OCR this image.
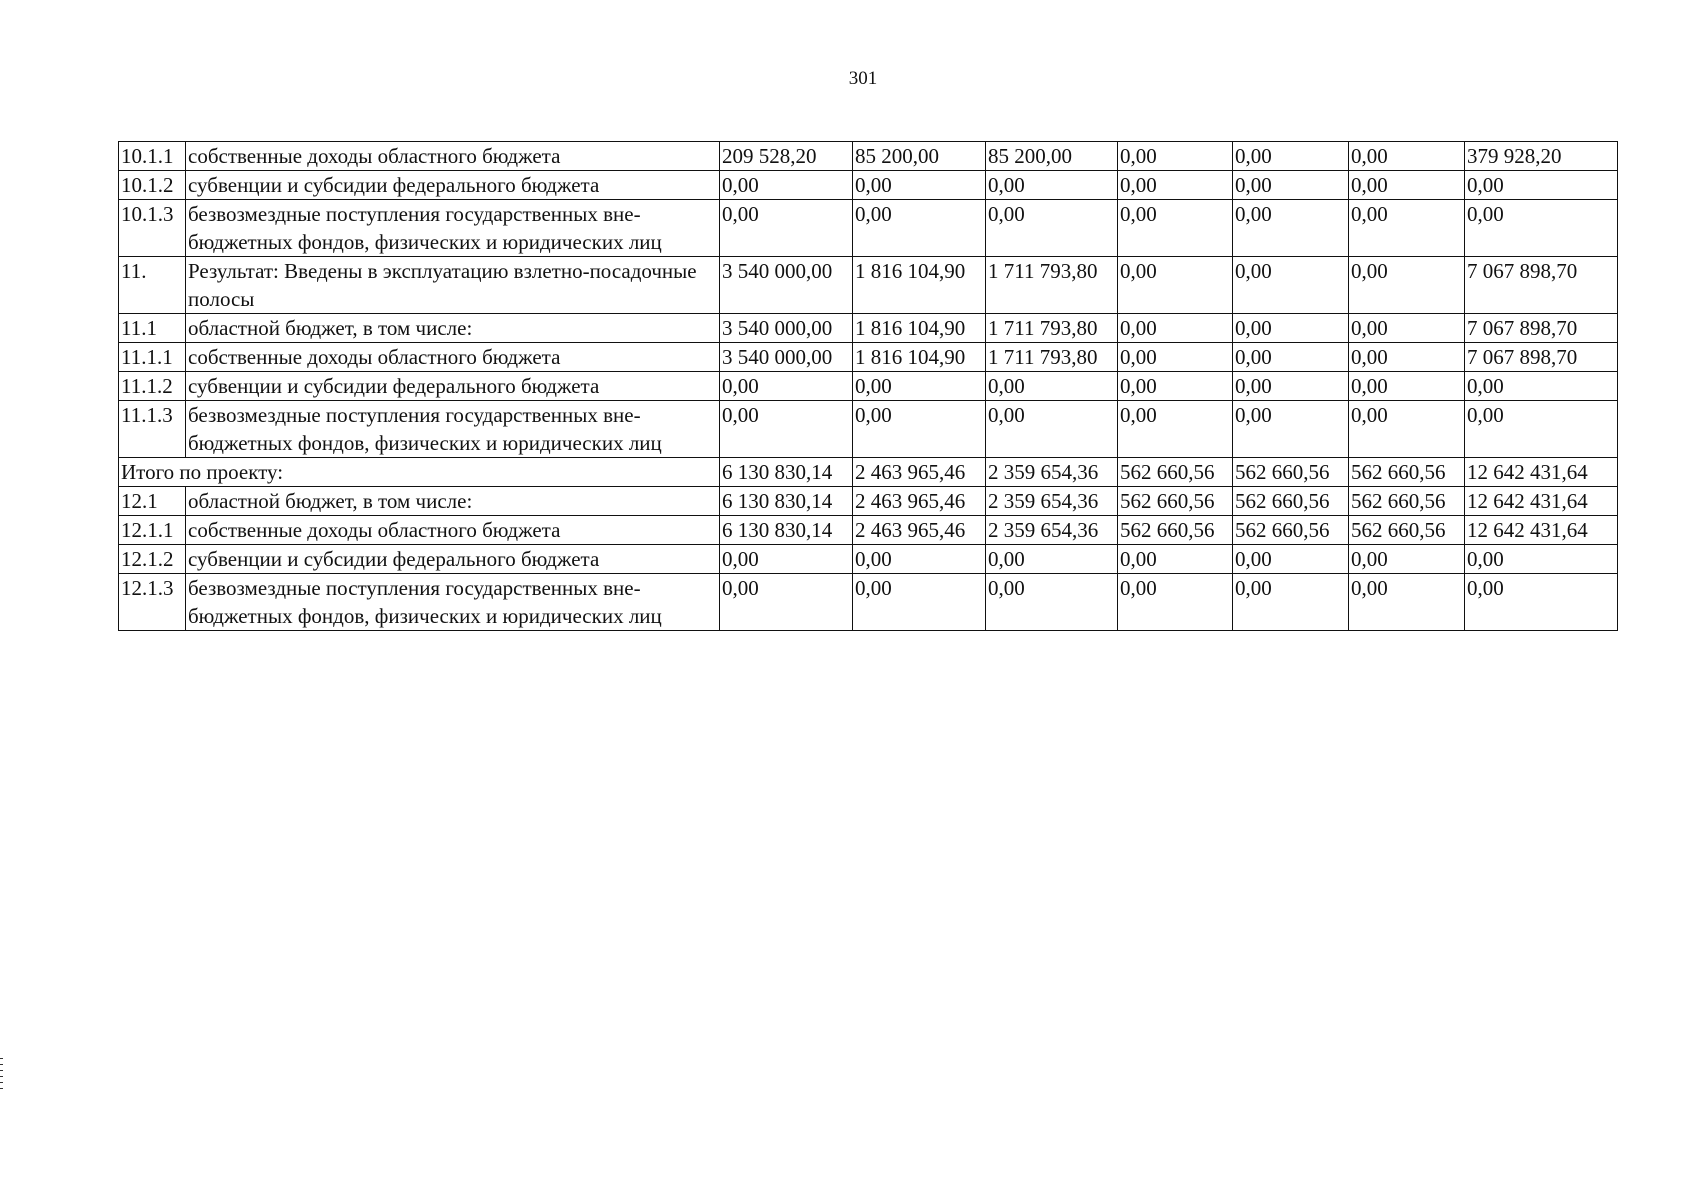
301
10.1.1	собственные доходы областного бюджета	209 528,20	85 200,00	85 200,00	0,00	0,00	0,00	379 928,20
10.1.2	субвенции и субсидии федерального бюджета	0,00	0,00	0,00	0,00	0,00	0,00	0,00
10.1.3	безвозмездные поступления государственных вне-бюджетных фондов, физических и юридических лиц	0,00	0,00	0,00	0,00	0,00	0,00	0,00
11.	Результат: Введены в эксплуатацию взлетно-посадочные полосы	3 540 000,00	1 816 104,90	1 711 793,80	0,00	0,00	0,00	7 067 898,70
11.1	областной бюджет, в том числе:	3 540 000,00	1 816 104,90	1 711 793,80	0,00	0,00	0,00	7 067 898,70
11.1.1	собственные доходы областного бюджета	3 540 000,00	1 816 104,90	1 711 793,80	0,00	0,00	0,00	7 067 898,70
11.1.2	субвенции и субсидии федерального бюджета	0,00	0,00	0,00	0,00	0,00	0,00	0,00
11.1.3	безвозмездные поступления государственных вне-бюджетных фондов, физических и юридических лиц	0,00	0,00	0,00	0,00	0,00	0,00	0,00
Итого по проекту:		6 130 830,14	2 463 965,46	2 359 654,36	562 660,56	562 660,56	562 660,56	12 642 431,64
12.1	областной бюджет, в том числе:	6 130 830,14	2 463 965,46	2 359 654,36	562 660,56	562 660,56	562 660,56	12 642 431,64
12.1.1	собственные доходы областного бюджета	6 130 830,14	2 463 965,46	2 359 654,36	562 660,56	562 660,56	562 660,56	12 642 431,64
12.1.2	субвенции и субсидии федерального бюджета	0,00	0,00	0,00	0,00	0,00	0,00	0,00
12.1.3	безвозмездные поступления государственных вне-бюджетных фондов, физических и юридических лиц	0,00	0,00	0,00	0,00	0,00	0,00	0,00
